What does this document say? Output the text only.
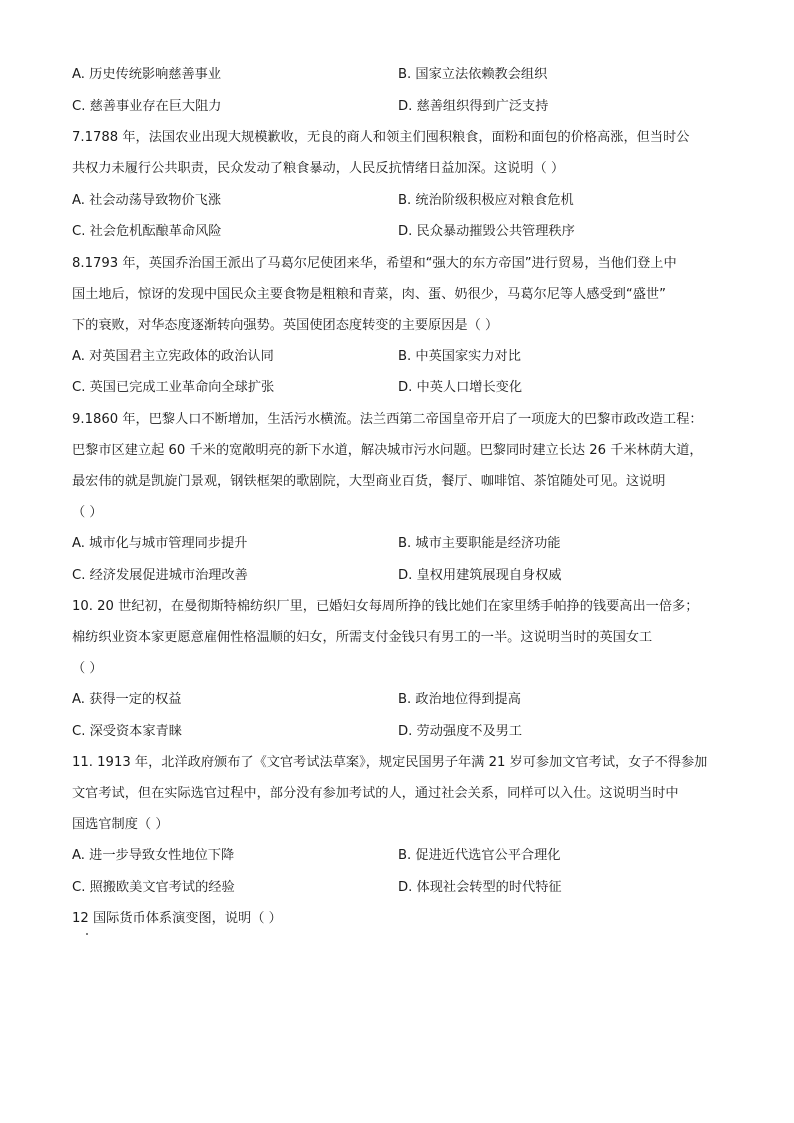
A. 历史传统影响慈善事业	B. 国家立法依赖教会组织
C. 慈善事业存在巨大阻力	D. 慈善组织得到广泛支持
7.1788 年，法国农业出现大规模歉收，无良的商人和领主们囤积粮食，面粉和面包的价格高涨，但当时公
共权力未履行公共职责，民众发动了粮食暴动，人民反抗情绪日益加深。这说明（ ）
A. 社会动荡导致物价飞涨	B. 统治阶级积极应对粮食危机
C. 社会危机酝酿革命风险	D. 民众暴动摧毁公共管理秩序
8.1793 年，英国乔治国王派出了马葛尔尼使团来华，希望和“强大的东方帝国”进行贸易，当他们登上中
国土地后，惊讶的发现中国民众主要食物是粗粮和青菜，肉、蛋、奶很少，马葛尔尼等人感受到“盛世”
下的衰败，对华态度逐渐转向强势。英国使团态度转变的主要原因是（ ）
A. 对英国君主立宪政体的政治认同	B. 中英国家实力对比
C. 英国已完成工业革命向全球扩张	D. 中英人口增长变化
9.1860 年，巴黎人口不断增加，生活污水横流。法兰西第二帝国皇帝开启了一项庞大的巴黎市政改造工程：
巴黎市区建立起 60 千米的宽敞明亮的新下水道，解决城市污水问题。巴黎同时建立长达 26 千米林荫大道，
最宏伟的就是凯旋门景观，钢铁框架的歌剧院，大型商业百货，餐厅、咖啡馆、茶馆随处可见。这说明
（ ）
A. 城市化与城市管理同步提升	B. 城市主要职能是经济功能
C. 经济发展促进城市治理改善	D. 皇权用建筑展现自身权威
10. 20 世纪初，在曼彻斯特棉纺织厂里，已婚妇女每周所挣的钱比她们在家里绣手帕挣的钱要高出一倍多；
棉纺织业资本家更愿意雇佣性格温顺的妇女，所需支付金钱只有男工的一半。这说明当时的英国女工
（ ）
A. 获得一定的权益	B. 政治地位得到提高
C. 深受资本家青睐	D. 劳动强度不及男工
11. 1913 年，北洋政府颁布了《文官考试法草案》，规定民国男子年满 21 岁可参加文官考试，女子不得参加
文官考试，但在实际选官过程中，部分没有参加考试的人，通过社会关系，同样可以入仕。这说明当时中
国选官制度（ ）
A. 进一步导致女性地位下降	B. 促进近代选官公平合理化
C. 照搬欧美文官考试的经验	D. 体现社会转型的时代特征
12 国际货币体系演变图，说明（ ）
